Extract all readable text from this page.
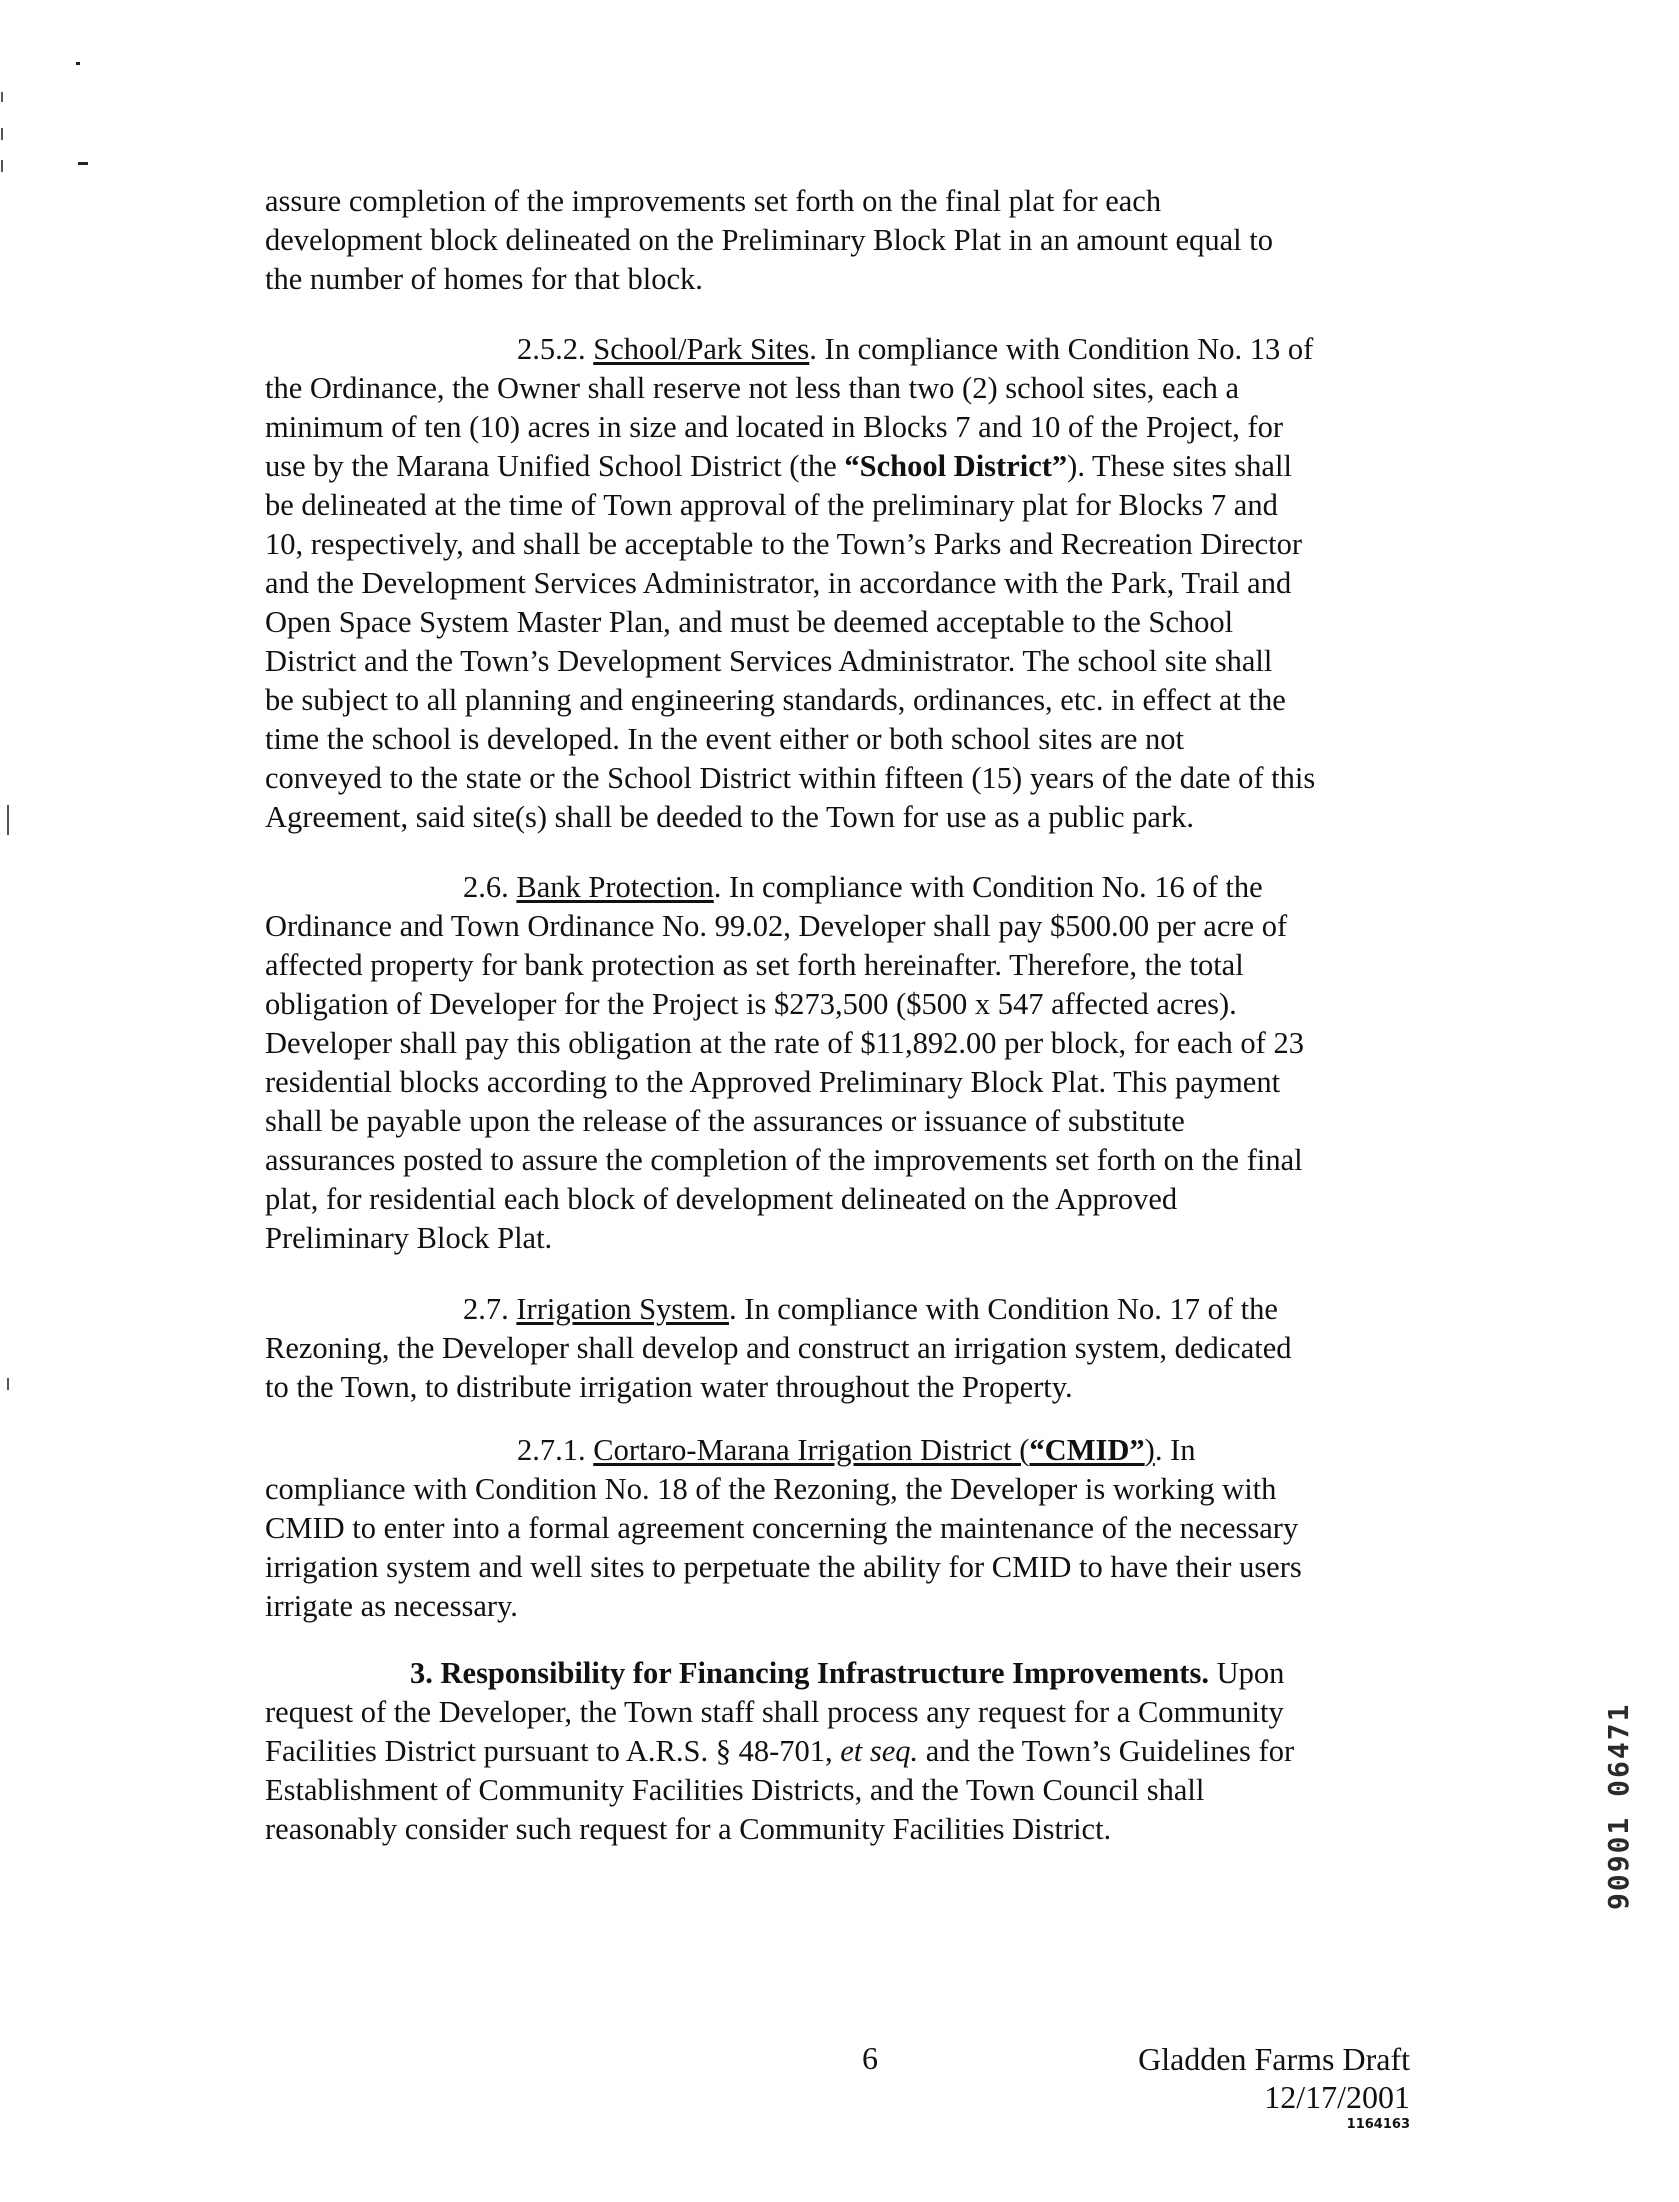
assure completion of the improvements set forth on the final plat for each
development block delineated on the Preliminary Block Plat in an amount equal to
the number of homes for that block.
2.5.2. School/Park Sites. In compliance with Condition No. 13 of
the Ordinance, the Owner shall reserve not less than two (2) school sites, each a
minimum of ten (10) acres in size and located in Blocks 7 and 10 of the Project, for
use by the Marana Unified School District (the “School District”). These sites shall
be delineated at the time of Town approval of the preliminary plat for Blocks 7 and
10, respectively, and shall be acceptable to the Town’s Parks and Recreation Director
and the Development Services Administrator, in accordance with the Park, Trail and
Open Space System Master Plan, and must be deemed acceptable to the School
District and the Town’s Development Services Administrator. The school site shall
be subject to all planning and engineering standards, ordinances, etc. in effect at the
time the school is developed. In the event either or both school sites are not
conveyed to the state or the School District within fifteen (15) years of the date of this
Agreement, said site(s) shall be deeded to the Town for use as a public park.
2.6. Bank Protection. In compliance with Condition No. 16 of the
Ordinance and Town Ordinance No. 99.02, Developer shall pay $500.00 per acre of
affected property for bank protection as set forth hereinafter. Therefore, the total
obligation of Developer for the Project is $273,500 ($500 x 547 affected acres).
Developer shall pay this obligation at the rate of $11,892.00 per block, for each of 23
residential blocks according to the Approved Preliminary Block Plat. This payment
shall be payable upon the release of the assurances or issuance of substitute
assurances posted to assure the completion of the improvements set forth on the final
plat, for residential each block of development delineated on the Approved
Preliminary Block Plat.
2.7. Irrigation System. In compliance with Condition No. 17 of the
Rezoning, the Developer shall develop and construct an irrigation system, dedicated
to the Town, to distribute irrigation water throughout the Property.
2.7.1. Cortaro-Marana Irrigation District (“CMID”). In
compliance with Condition No. 18 of the Rezoning, the Developer is working with
CMID to enter into a formal agreement concerning the maintenance of the necessary
irrigation system and well sites to perpetuate the ability for CMID to have their users
irrigate as necessary.
3. Responsibility for Financing Infrastructure Improvements. Upon
request of the Developer, the Town staff shall process any request for a Community
Facilities District pursuant to A.R.S. § 48-701, et seq. and the Town’s Guidelines for
Establishment of Community Facilities Districts, and the Town Council shall
reasonably consider such request for a Community Facilities District.	90901 06471
6	Gladden Farms Draft
12/17/2001
1164163
